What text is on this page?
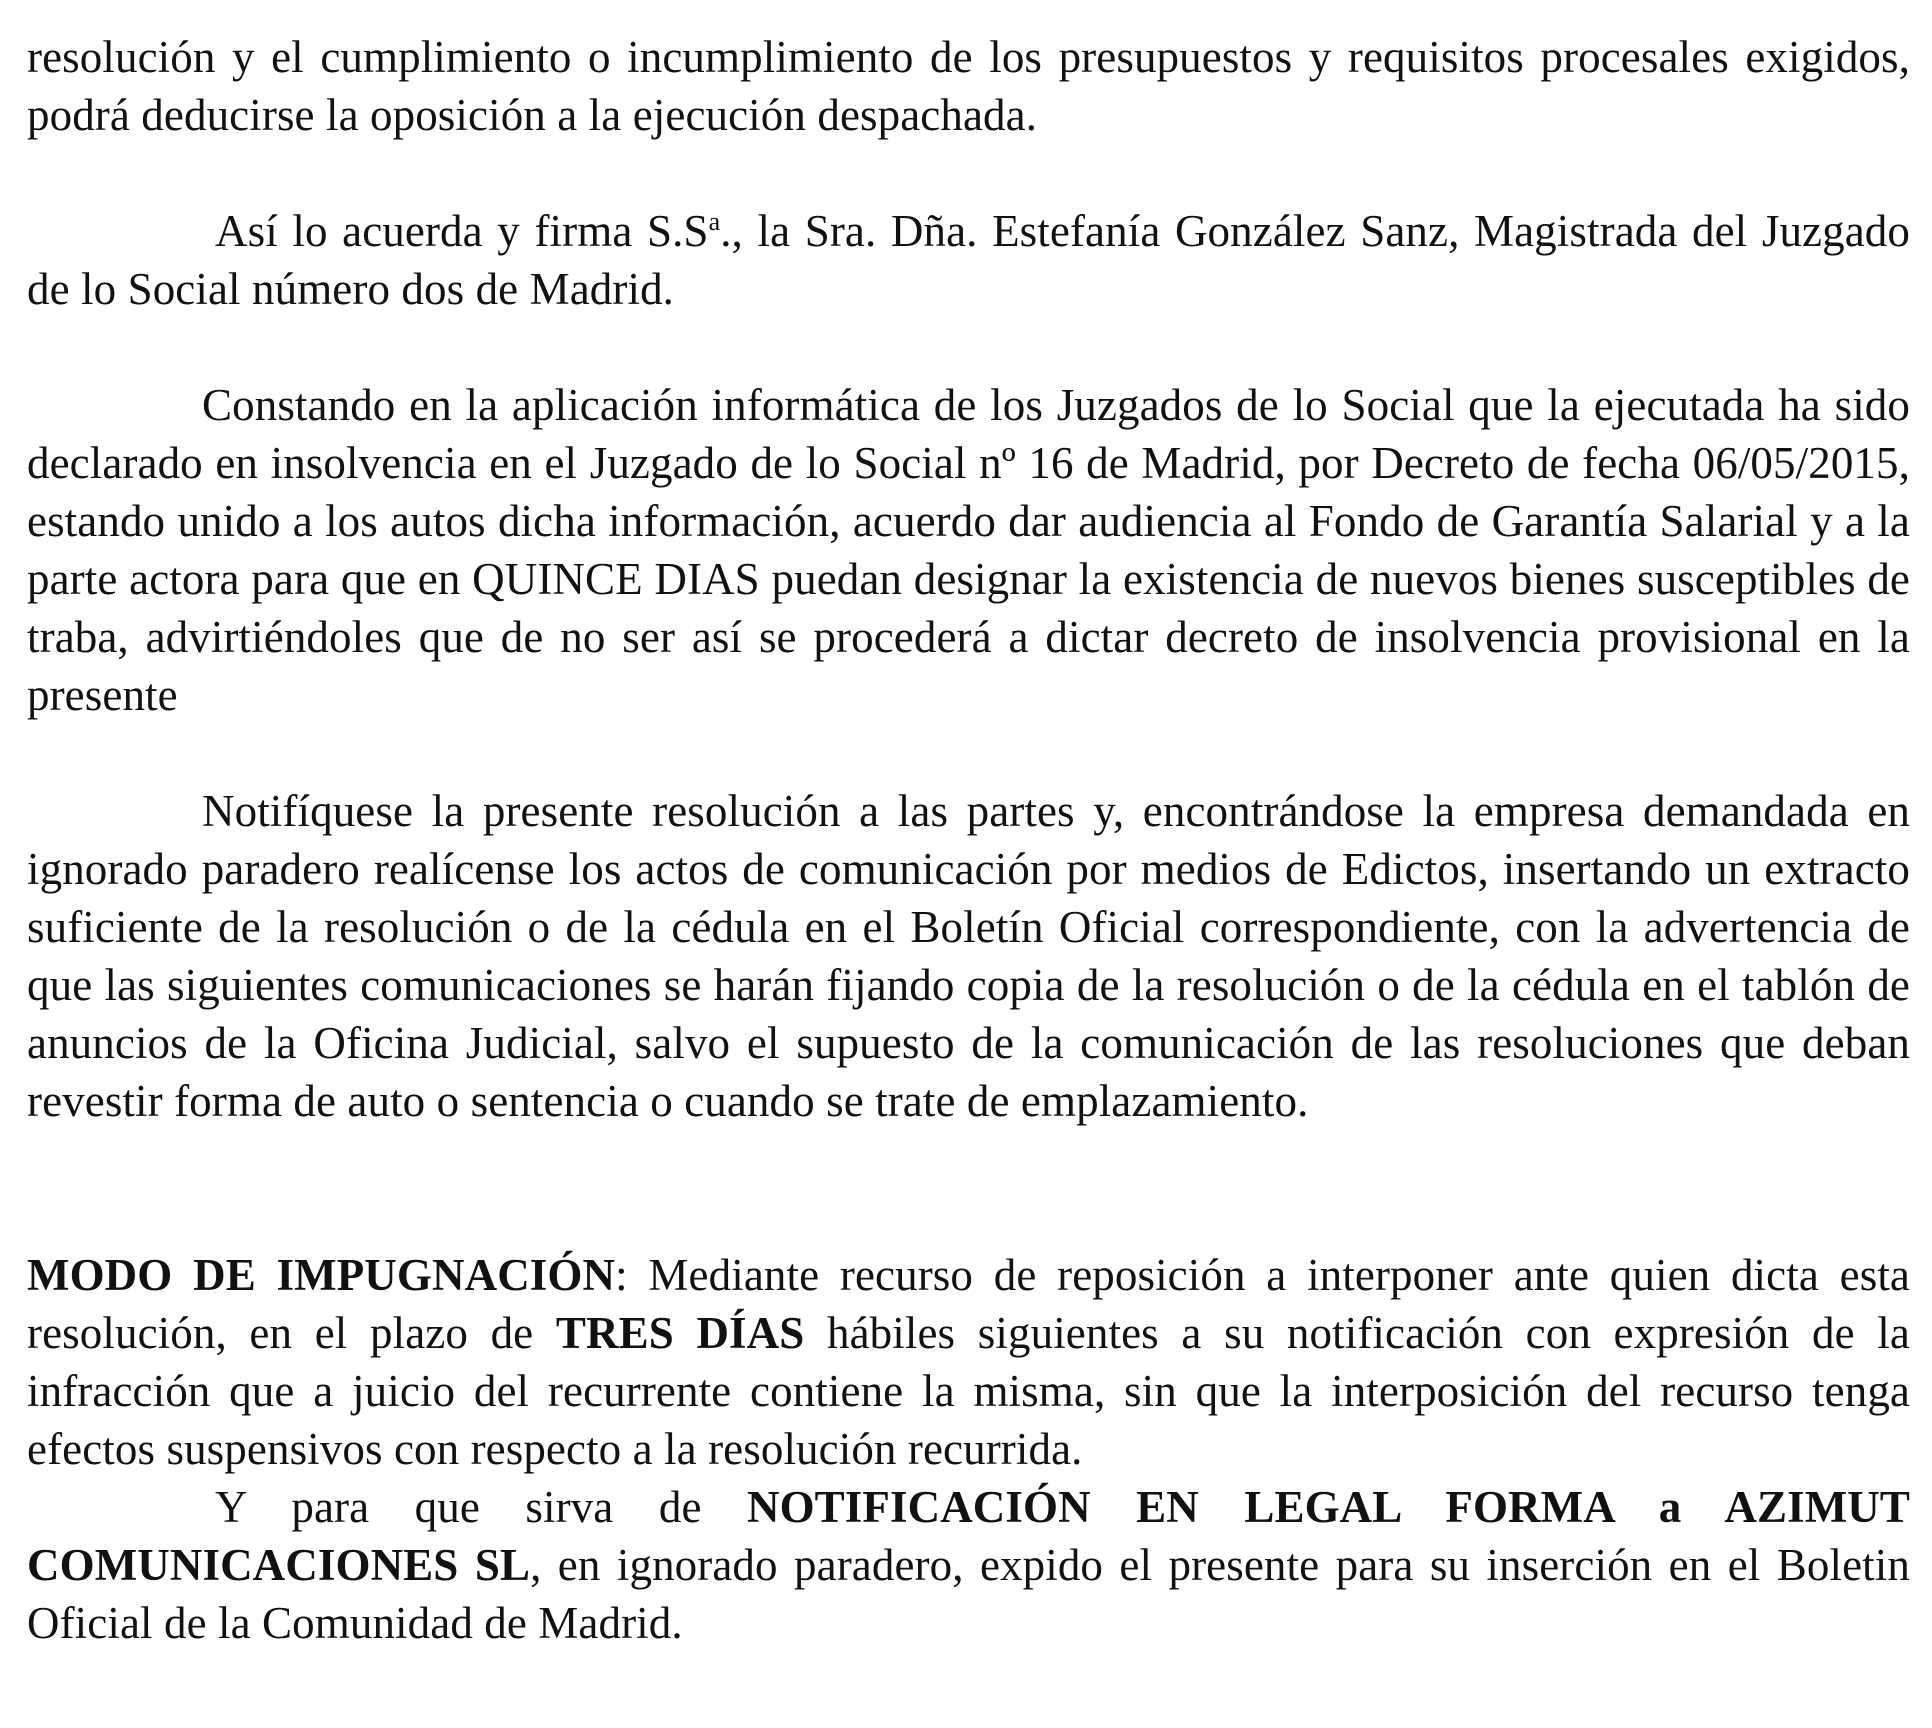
resolución y el cumplimiento o incumplimiento de los presupuestos y requisitos procesales exigidos, podrá deducirse la oposición a la ejecución despachada.

Así lo acuerda y firma $S.S^a$., la Sra. Dña. Estefanía González Sanz, Magistrada del Juzgado de lo Social número dos de Madrid.

Constando en la aplicación informática de los Juzgados de lo Social que la ejecutada ha sido declarado en insolvencia en el Juzgado de lo Social nº 16 de Madrid, por Decreto de fecha 06/05/2015, estando unido a los autos dicha información, acuerdo dar audiencia al Fondo de Garantía Salarial y a la parte actora para que en QUINCE DIAS puedan designar la existencia de nuevos bienes susceptibles de traba, advirtiéndoles que de no ser así se procederá a dictar decreto de insolvencia provisional en la presente

Notifíquese la presente resolución a las partes y, encontrándose la empresa demandada en ignorado paradero realícense los actos de comunicación por medios de Edictos, insertando un extracto suficiente de la resolución o de la cédula en el Boletín Oficial correspondiente, con la advertencia de que las siguientes comunicaciones se harán fijando copia de la resolución o de la cédula en el tablón de anuncios de la Oficina Judicial, salvo el supuesto de la comunicación de las resoluciones que deban revestir forma de auto o sentencia o cuando se trate de emplazamiento.

MODO DE IMPUGNACIÓN: Mediante recurso de reposición a interponer ante quien dicta esta resolución, en el plazo de TRES DÍAS hábiles siguientes a su notificación con expresión de la infracción que a juicio del recurrente contiene la misma, sin que la interposición del recurso tenga efectos suspensivos con respecto a la resolución recurrida.

Y para que sirva de NOTIFICACIÓN EN LEGAL FORMA a AZIMUT COMUNICACIONES SL, en ignorado paradero, expido el presente para su inserción en el Boletin Oficial de la Comunidad de Madrid.
